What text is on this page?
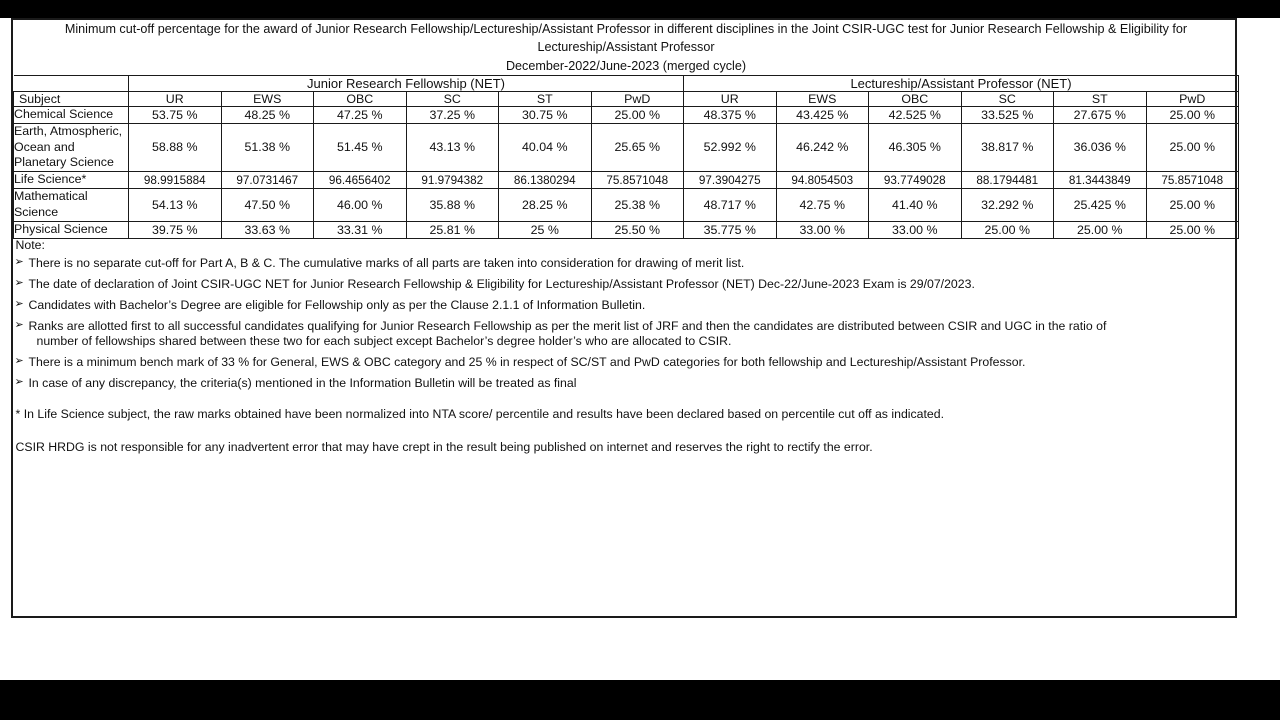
Minimum cut-off percentage for the award of Junior Research Fellowship/Lectureship/Assistant Professor in different disciplines in the Joint CSIR-UGC test for Junior Research Fellowship & Eligibility for
Lectureship/Assistant Professor
December-2022/June-2023 (merged cycle)												
	Junior Research Fellowship (NET)						Lectureship/Assistant Professor (NET)					
Subject	UR	EWS	OBC	SC	ST	PwD	UR	EWS	OBC	SC	ST	PwD
Chemical Science	53.75 %	48.25 %	47.25 %	37.25 %	30.75 %	25.00 %	48.375 %	43.425 %	42.525 %	33.525 %	27.675 %	25.00 %
Earth, Atmospheric, Ocean and Planetary Science	58.88 %	51.38 %	51.45 %	43.13 %	40.04 %	25.65 %	52.992 %	46.242 %	46.305 %	38.817 %	36.036 %	25.00 %
Life Science*	98.9915884	97.0731467	96.4656402	91.9794382	86.1380294	75.8571048	97.3904275	94.8054503	93.7749028	88.1794481	81.3443849	75.8571048
Mathematical Science	54.13 %	47.50 %	46.00 %	35.88 %	28.25 %	25.38 %	48.717 %	42.75 %	41.40 %	32.292 %	25.425 %	25.00 %
Physical Science	39.75 %	33.63 %	33.31 %	25.81 %	25 %	25.50 %	35.775 %	33.00 %	33.00 %	25.00 %	25.00 %	25.00 %

Note:
➢ There is no separate cut-off for Part A, B & C. The cumulative marks of all parts are taken into consideration for drawing of merit list.
➢ The date of declaration of Joint CSIR-UGC NET for Junior Research Fellowship & Eligibility for Lectureship/Assistant Professor (NET) Dec-22/June-2023 Exam is 29/07/2023.
➢ Candidates with Bachelor’s Degree are eligible for Fellowship only as per the Clause 2.1.1 of Information Bulletin.
➢ Ranks are allotted first to all successful candidates qualifying for Junior Research Fellowship as per the merit list of JRF and then the candidates are distributed between CSIR and UGC in the ratio of
number of fellowships shared between these two for each subject except Bachelor’s degree holder’s who are allocated to CSIR.
➢ There is a minimum bench mark of 33 % for General, EWS & OBC category and 25 % in respect of SC/ST and PwD categories for both fellowship and Lectureship/Assistant Professor.
➢ In case of any discrepancy, the criteria(s) mentioned in the Information Bulletin will be treated as final
* In Life Science subject, the raw marks obtained have been normalized into NTA score/ percentile and results have been declared based on percentile cut off as indicated.
CSIR HRDG is not responsible for any inadvertent error that may have crept in the result being published on internet and reserves the right to rectify the error.
